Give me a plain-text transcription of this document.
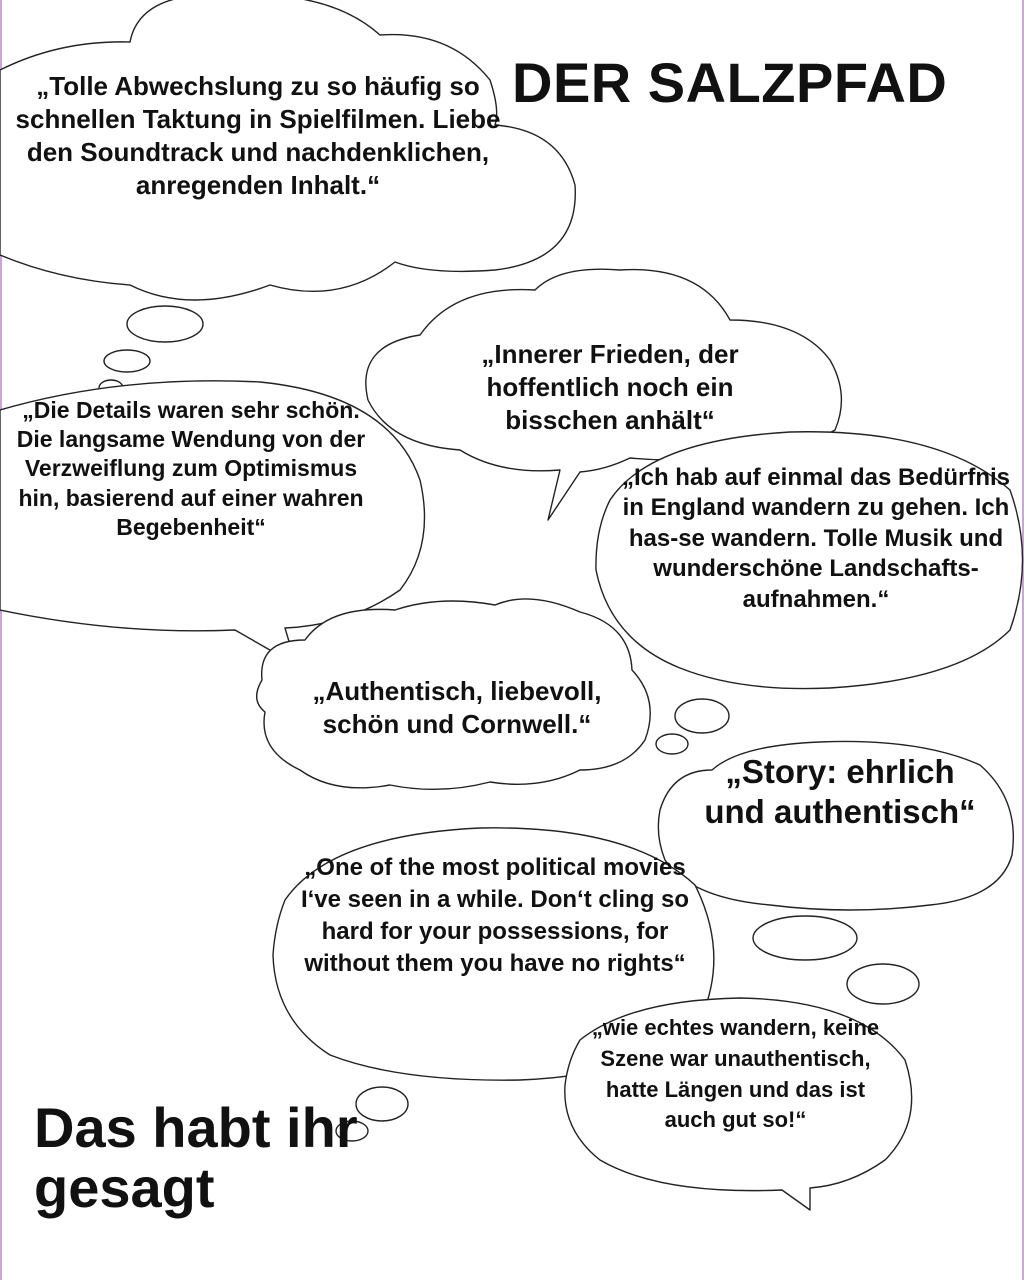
DER SALZPFAD

„Tolle Abwechslung zu so häufig so schnellen Taktung in Spielfilmen. Liebe den Soundtrack und nachdenklichen, anregenden Inhalt.“

„Innerer Frieden, der hoffentlich noch ein bisschen anhält“

„Die Details waren sehr schön. Die langsame Wendung von der Verzweiflung zum Optimismus hin, basierend auf einer wahren Begebenheit“

„Ich hab auf einmal das Bedürfnis in England wandern zu gehen. Ich has-se wandern. Tolle Musik und wunderschöne Landschafts-aufnahmen.“

„Authentisch, liebevoll, schön und Cornwell.“

„Story: ehrlich und authentisch“

„One of the most political movies I‘ve seen in a while. Don‘t cling so hard for your possessions, for without them you have no rights“

„wie echtes wandern, keine Szene war unauthentisch, hatte Längen und das ist auch gut so!“

Das habt ihr gesagt
